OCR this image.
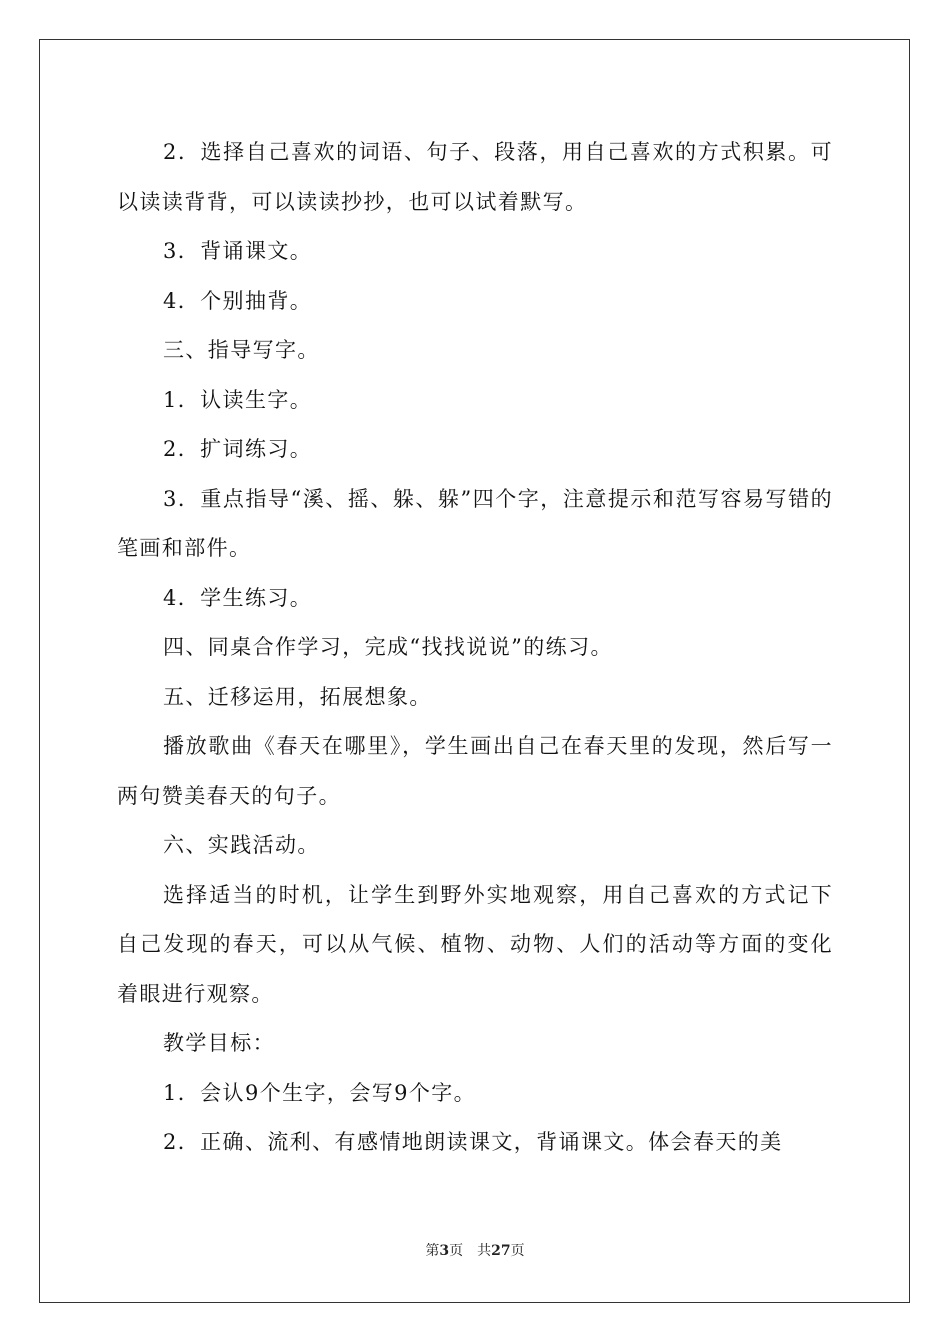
2．选择自己喜欢的词语、句子、段落，用自己喜欢的方式积累。可以读读背背，可以读读抄抄，也可以试着默写。

3．背诵课文。

4．个别抽背。

三、指导写字。

1．认读生字。

2．扩词练习。

3．重点指导“溪、摇、躲、躲”四个字，注意提示和范写容易写错的笔画和部件。

4．学生练习。

四、同桌合作学习，完成“找找说说”的练习。

五、迁移运用，拓展想象。

播放歌曲《春天在哪里》，学生画出自己在春天里的发现，然后写一两句赞美春天的句子。

六、实践活动。

选择适当的时机，让学生到野外实地观察，用自己喜欢的方式记下自己发现的春天，可以从气候、植物、动物、人们的活动等方面的变化着眼进行观察。

教学目标：

1．会认9个生字，会写9个字。

2．正确、流利、有感情地朗读课文，背诵课文。体会春天的美

第3页 共27页
